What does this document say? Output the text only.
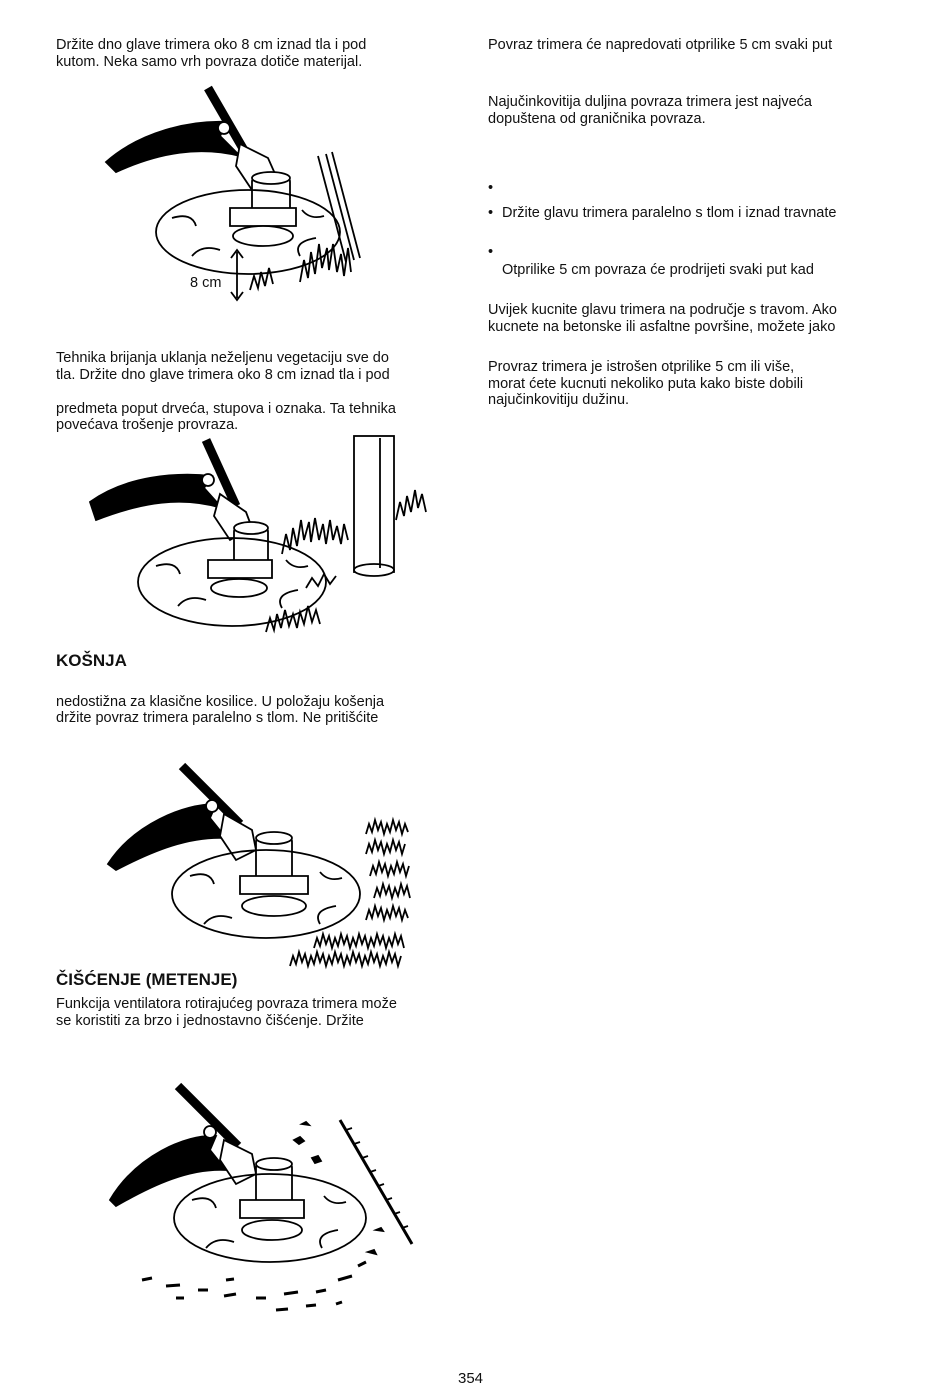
Držite dno glave trimera oko 8 cm iznad tla i pod

kutom. Neka samo vrh povraza dotiče materijal.

8 cm

Tehnika brijanja uklanja neželjenu vegetaciju sve do

tla. Držite dno glave trimera oko 8 cm iznad tla i pod

predmeta poput drveća, stupova i oznaka. Ta tehnika

povećava trošenje provraza.

KOŠNJA

nedostižna za klasične kosilice. U položaju košenja

držite povraz trimera paralelno s tlom. Ne pritišćite

ČIŠĆENJE (METENJE)

Funkcija ventilatora rotirajućeg povraza trimera može

se koristiti za brzo i jednostavno čišćenje. Držite

Povraz trimera će napredovati otprilike 5 cm svaki put

Najučinkovitija duljina povraza trimera jest najveća

dopuštena od graničnika povraza.

•
• Držite glavu trimera paralelno s tlom i iznad travnate

•

Otprilike 5 cm povraza će prodrijeti svaki put kad

Uvijek kucnite glavu trimera na područje s travom. Ako

kucnete na betonske ili asfaltne površine, možete jako

Provraz trimera je istrošen otprilike 5 cm ili više,

morat ćete kucnuti nekoliko puta kako biste dobili

najučinkovitiju dužinu.

354
